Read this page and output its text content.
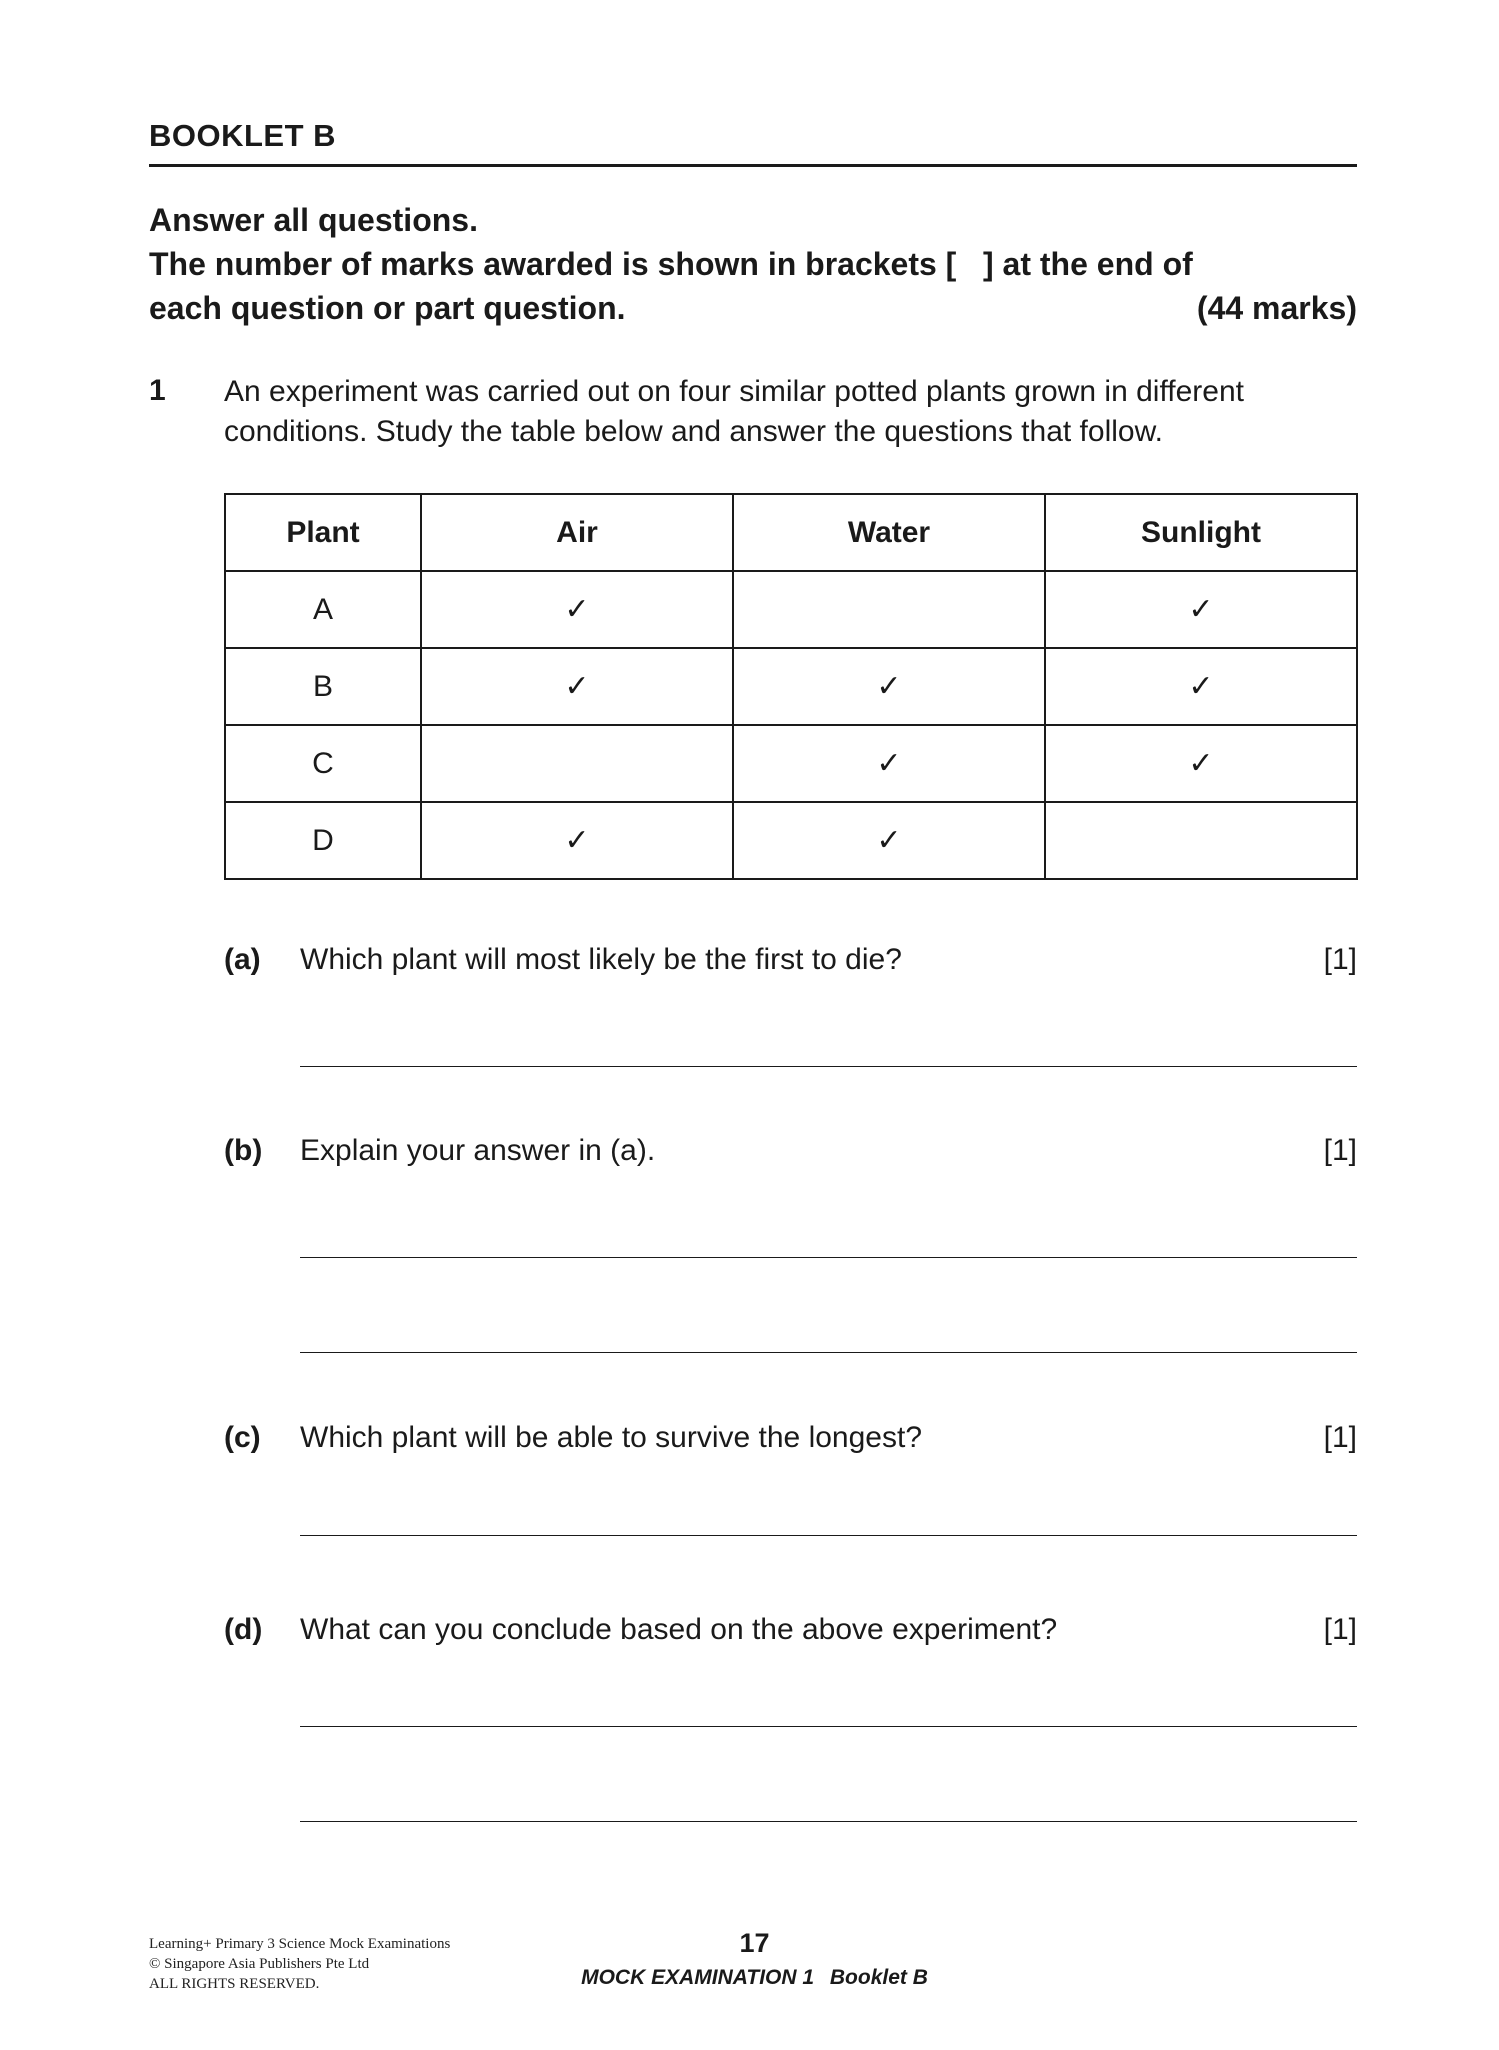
BOOKLET B
Answer all questions.
The number of marks awarded is shown in brackets [   ] at the end of
each question or part question.	(44 marks)
1 An experiment was carried out on four similar potted plants grown in different conditions. Study the table below and answer the questions that follow.
Plant	Air	Water	Sunlight
A	✓		✓
B	✓	✓	✓
C		✓	✓
D	✓	✓	
(a)	Which plant will most likely be the first to die?	[1]
(b)	Explain your answer in (a).	[1]
(c)	Which plant will be able to survive the longest?	[1]
(d)	What can you conclude based on the above experiment?	[1]
Learning+ Primary 3 Science Mock Examinations
© Singapore Asia Publishers Pte Ltd
ALL RIGHTS RESERVED.
17
MOCK EXAMINATION 1 Booklet B
